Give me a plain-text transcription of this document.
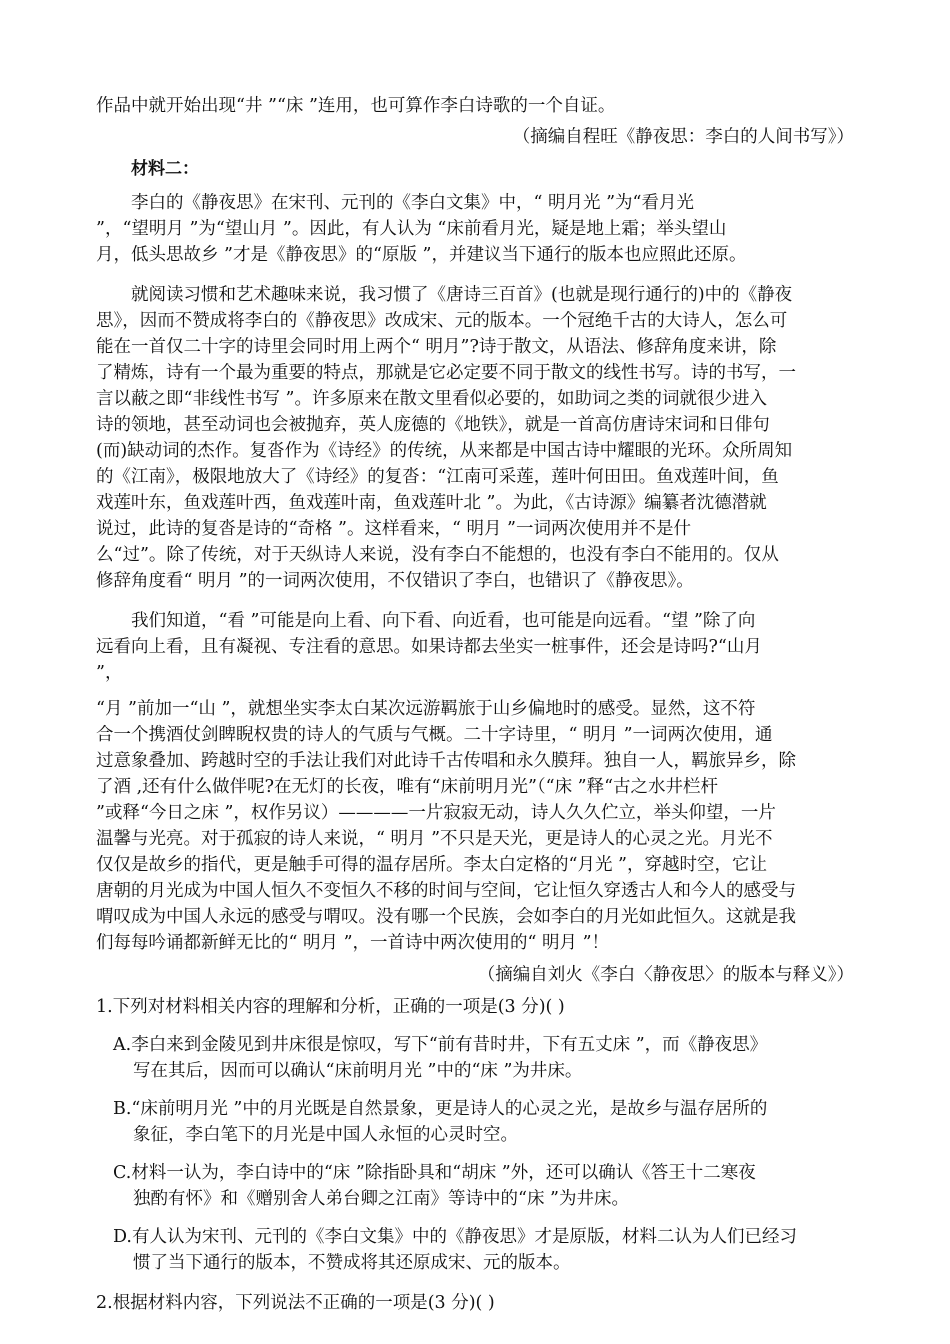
作品中就开始出现“井 ”“床 ”连用，也可算作李白诗歌的一个自证。

（摘编自程旺《静夜思：李白的人间书写》）

材料二：

李白的《静夜思》在宋刊、元刊的《李白文集》中，“ 明月光 ”为“看月光

”，“望明月 ”为“望山月 ”。因此，有人认为 “床前看月光，疑是地上霜；举头望山

月，低头思故乡 ”才是《静夜思》的“原版 ”，并建议当下通行的版本也应照此还原。

就阅读习惯和艺术趣味来说，我习惯了《唐诗三百首》(也就是现行通行的)中的《静夜

思》，因而不赞成将李白的《静夜思》改成宋、元的版本。一个冠绝千古的大诗人，怎么可

能在一首仅二十字的诗里会同时用上两个“ 明月”?诗于散文，从语法、修辞角度来讲，除

了精炼，诗有一个最为重要的特点，那就是它必定要不同于散文的线性书写。诗的书写，一

言以蔽之即“非线性书写 ”。许多原来在散文里看似必要的，如助词之类的词就很少进入

诗的领地，甚至动词也会被抛弃，英人庞德的《地铁》，就是一首高仿唐诗宋词和日俳句

(而)缺动词的杰作。复沓作为《诗经》的传统，从来都是中国古诗中耀眼的光环。众所周知

的《江南》，极限地放大了《诗经》的复沓：“江南可采莲，莲叶何田田。鱼戏莲叶间，鱼

戏莲叶东，鱼戏莲叶西，鱼戏莲叶南，鱼戏莲叶北 ”。为此，《古诗源》编纂者沈德潜就

说过，此诗的复沓是诗的“奇格 ”。这样看来，“ 明月 ”一词两次使用并不是什

么“过”。除了传统，对于天纵诗人来说，没有李白不能想的，也没有李白不能用的。仅从

修辞角度看“ 明月 ”的一词两次使用，不仅错识了李白，也错识了《静夜思》。

我们知道，“看 ”可能是向上看、向下看、向近看，也可能是向远看。“望 ”除了向

远看向上看，且有凝视、专注看的意思。如果诗都去坐实一桩事件，还会是诗吗?“山月

”，

“月 ”前加一“山 ”，就想坐实李太白某次远游羁旅于山乡偏地时的感受。显然，这不符

合一个携酒仗剑睥睨权贵的诗人的气质与气概。二十字诗里，“ 明月 ”一词两次使用，通

过意象叠加、跨越时空的手法让我们对此诗千古传唱和永久膜拜。独自一人，羁旅异乡，除

了酒 ,还有什么做伴呢?在无灯的长夜，唯有“床前明月光”（“床 ”释“古之水井栏杆

”或释“今日之床 ”，权作另议）————一片寂寂无动，诗人久久伫立，举头仰望，一片

温馨与光亮。对于孤寂的诗人来说，“ 明月 ”不只是天光，更是诗人的心灵之光。月光不

仅仅是故乡的指代，更是触手可得的温存居所。李太白定格的“月光 ”，穿越时空，它让

唐朝的月光成为中国人恒久不变恒久不移的时间与空间，它让恒久穿透古人和今人的感受与

喟叹成为中国人永远的感受与喟叹。没有哪一个民族，会如李白的月光如此恒久。这就是我

们每每吟诵都新鲜无比的“ 明月 ”，一首诗中两次使用的“ 明月 ”！

（摘编自刘火《李白〈静夜思〉的版本与释义》）

1.下列对材料相关内容的理解和分析，正确的一项是(3 分)( )

A.李白来到金陵见到井床很是惊叹，写下“前有昔时井，下有五丈床 ”，而《静夜思》

写在其后，因而可以确认“床前明月光 ”中的“床 ”为井床。

B.“床前明月光 ”中的月光既是自然景象，更是诗人的心灵之光，是故乡与温存居所的

象征，李白笔下的月光是中国人永恒的心灵时空。

C.材料一认为，李白诗中的“床 ”除指卧具和“胡床 ”外，还可以确认《答王十二寒夜

独酌有怀》和《赠别舍人弟台卿之江南》等诗中的“床 ”为井床。

D.有人认为宋刊、元刊的《李白文集》中的《静夜思》才是原版，材料二认为人们已经习

惯了当下通行的版本，不赞成将其还原成宋、元的版本。

2.根据材料内容，下列说法不正确的一项是(3 分)( )
